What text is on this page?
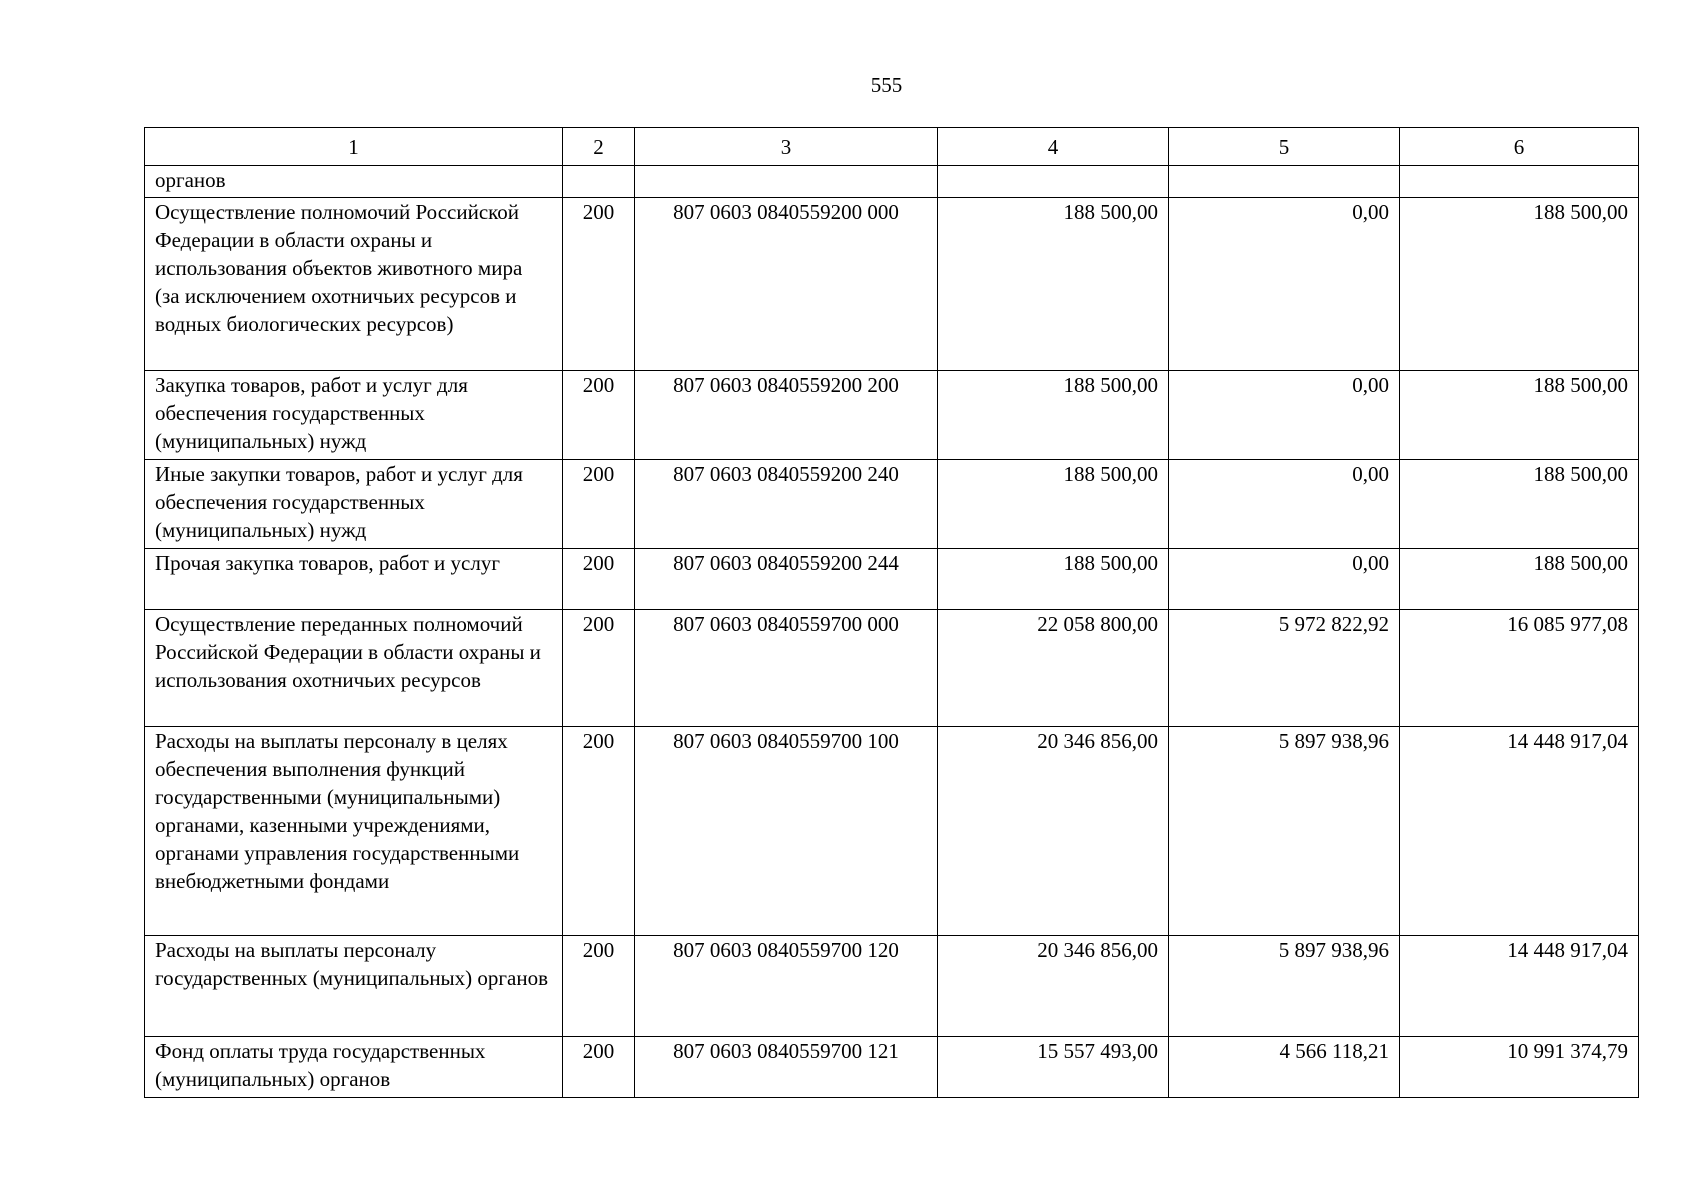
555
1	2	3	4	5	6
органов					
Осуществление полномочий Российской Федерации в области охраны и использования объектов животного мира (за исключением охотничьих ресурсов и водных биологических ресурсов)	200	807 0603 0840559200 000	188 500,00	0,00	188 500,00
Закупка товаров, работ и услуг для обеспечения государственных (муниципальных) нужд	200	807 0603 0840559200 200	188 500,00	0,00	188 500,00
Иные закупки товаров, работ и услуг для обеспечения государственных (муниципальных) нужд	200	807 0603 0840559200 240	188 500,00	0,00	188 500,00
Прочая закупка товаров, работ и услуг	200	807 0603 0840559200 244	188 500,00	0,00	188 500,00
Осуществление переданных полномочий Российской Федерации в области охраны и использования охотничьих ресурсов	200	807 0603 0840559700 000	22 058 800,00	5 972 822,92	16 085 977,08
Расходы на выплаты персоналу в целях обеспечения выполнения функций государственными (муниципальными) органами, казенными учреждениями, органами управления государственными внебюджетными фондами	200	807 0603 0840559700 100	20 346 856,00	5 897 938,96	14 448 917,04
Расходы на выплаты персоналу государственных (муниципальных) органов	200	807 0603 0840559700 120	20 346 856,00	5 897 938,96	14 448 917,04
Фонд оплаты труда государственных (муниципальных) органов	200	807 0603 0840559700 121	15 557 493,00	4 566 118,21	10 991 374,79
